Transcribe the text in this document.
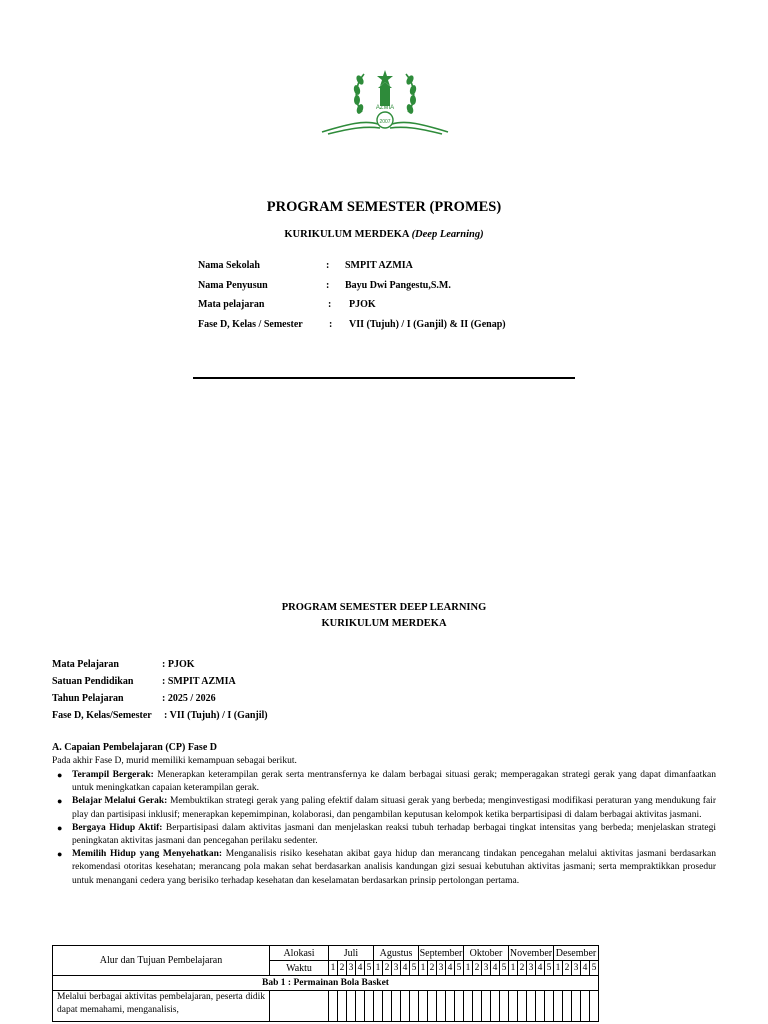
AZMIA
2007
PROGRAM SEMESTER (PROMES)
KURIKULUM MERDEKA (Deep Learning)
Nama Sekolah	: SMPIT AZMIA
Nama Penyusun	: Bayu Dwi Pangestu,S.M.
Mata pelajaran	: PJOK
Fase D, Kelas / Semester	: VII (Tujuh) / I (Ganjil) & II (Genap)
PROGRAM SEMESTER DEEP LEARNING
KURIKULUM MERDEKA
Mata Pelajaran	: PJOK
Satuan Pendidikan	: SMPIT AZMIA
Tahun Pelajaran	: 2025 / 2026
Fase D, Kelas/Semester : VII (Tujuh) / I (Ganjil)
A. Capaian Pembelajaran (CP) Fase D
Pada akhir Fase D, murid memiliki kemampuan sebagai berikut.
● Terampil Bergerak: Menerapkan keterampilan gerak serta mentransfernya ke dalam berbagai situasi gerak; memperagakan strategi gerak yang dapat dimanfaatkan untuk meningkatkan capaian keterampilan gerak.
● Belajar Melalui Gerak: Membuktikan strategi gerak yang paling efektif dalam situasi gerak yang berbeda; menginvestigasi modifikasi peraturan yang mendukung fair play dan partisipasi inklusif; menerapkan kepemimpinan, kolaborasi, dan pengambilan keputusan kelompok ketika berpartisipasi di dalam berbagai aktivitas jasmani.
● Bergaya Hidup Aktif: Berpartisipasi dalam aktivitas jasmani dan menjelaskan reaksi tubuh terhadap berbagai tingkat intensitas yang berbeda; menjelaskan strategi peningkatan aktivitas jasmani dan pencegahan perilaku sedenter.
● Memilih Hidup yang Menyehatkan: Menganalisis risiko kesehatan akibat gaya hidup dan merancang tindakan pencegahan melalui aktivitas jasmani berdasarkan rekomendasi otoritas kesehatan; merancang pola makan sehat berdasarkan analisis kandungan gizi sesuai kebutuhan aktivitas jasmani; serta mempraktikkan prosedur untuk menangani cedera yang berisiko terhadap kesehatan dan keselamatan berdasarkan prinsip pertolongan pertama.
Alur dan Tujuan Pembelajaran	Alokasi	Juli					Agustus					September					Oktober					November					Desember				
	Waktu	1	2	3	4	5	1	2	3	4	5	1	2	3	4	5	1	2	3	4	5	1	2	3	4	5	1	2	3	4	5
Bab 1 : Permainan Bola Basket																															
Melalui berbagai aktivitas pembelajaran, peserta didik dapat memahami, menganalisis,																															
